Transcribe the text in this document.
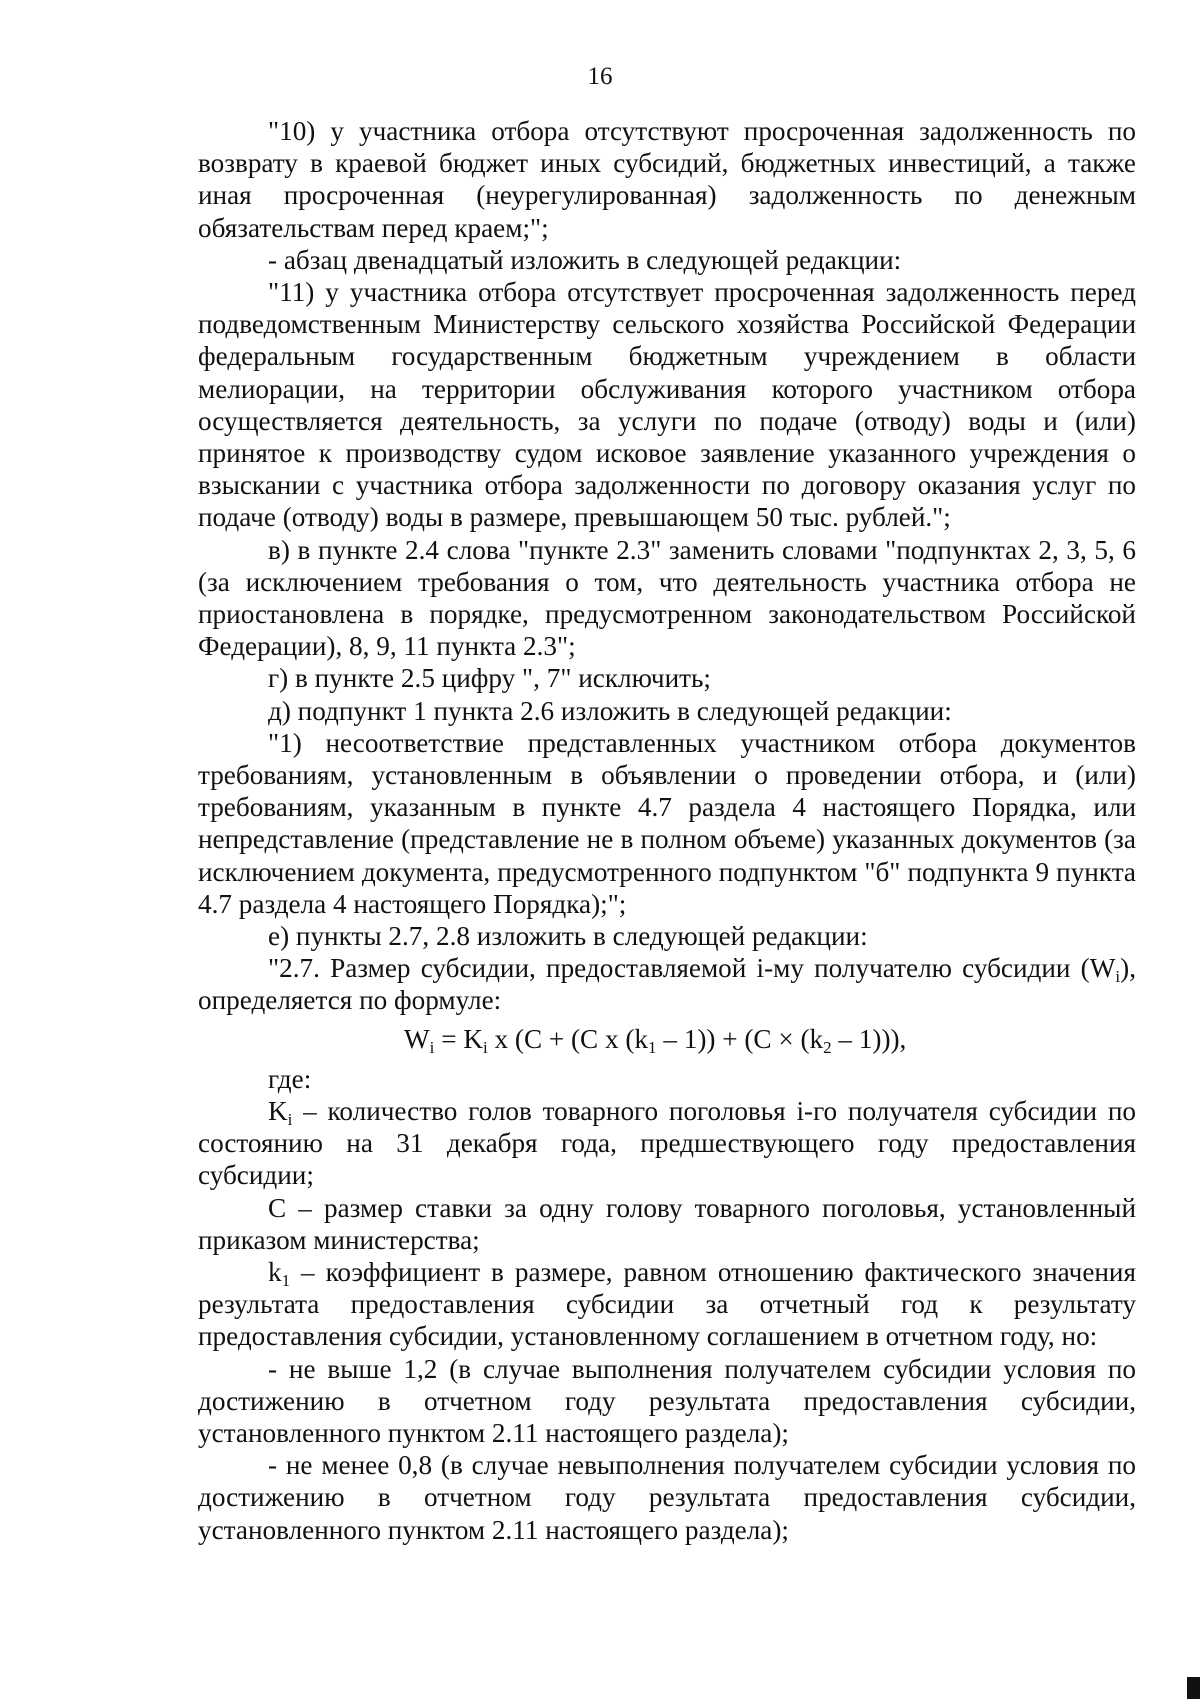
16

"10) у участника отбора отсутствуют просроченная задолженность по возврату в краевой бюджет иных субсидий, бюджетных инвестиций, а также иная просроченная (неурегулированная) задолженность по денежным обязательствам перед краем;";

- абзац двенадцатый изложить в следующей редакции:

"11) у участника отбора отсутствует просроченная задолженность перед подведомственным Министерству сельского хозяйства Российской Федерации федеральным государственным бюджетным учреждением в области мелиорации, на территории обслуживания которого участником отбора осуществляется деятельность, за услуги по подаче (отводу) воды и (или) принятое к производству судом исковое заявление указанного учреждения о взыскании с участника отбора задолженности по договору оказания услуг по подаче (отводу) воды в размере, превышающем 50 тыс. рублей.";

в) в пункте 2.4 слова "пункте 2.3" заменить словами "подпунктах 2, 3, 5, 6 (за исключением требования о том, что деятельность участника отбора не приостановлена в порядке, предусмотренном законодательством Российской Федерации), 8, 9, 11 пункта 2.3";

г) в пункте 2.5 цифру ", 7" исключить;

д) подпункт 1 пункта 2.6 изложить в следующей редакции:

"1) несоответствие представленных участником отбора документов требованиям, установленным в объявлении о проведении отбора, и (или) требованиям, указанным в пункте 4.7 раздела 4 настоящего Порядка, или непредставление (представление не в полном объеме) указанных документов (за исключением документа, предусмотренного подпунктом "б" подпункта 9 пункта 4.7 раздела 4 настоящего Порядка);";

е) пункты 2.7, 2.8 изложить в следующей редакции:

"2.7. Размер субсидии, предоставляемой i-му получателю субсидии $(W_i)$, определяется по формуле:

$W_i = K_i$ x (C + (C x $(k_1 - 1)) + (C \times (k_2 - 1))$),

где:

$K_i$ – количество голов товарного поголовья i-го получателя субсидии по состоянию на 31 декабря года, предшествующего году предоставления субсидии;

С – размер ставки за одну голову товарного поголовья, установленный приказом министерства;

$k_1$ – коэффициент в размере, равном отношению фактического значения результата предоставления субсидии за отчетный год к результату предоставления субсидии, установленному соглашением в отчетном году, но:

- не выше 1,2 (в случае выполнения получателем субсидии условия по достижению в отчетном году результата предоставления субсидии, установленного пунктом 2.11 настоящего раздела);

- не менее 0,8 (в случае невыполнения получателем субсидии условия по достижению в отчетном году результата предоставления субсидии, установленного пунктом 2.11 настоящего раздела);
